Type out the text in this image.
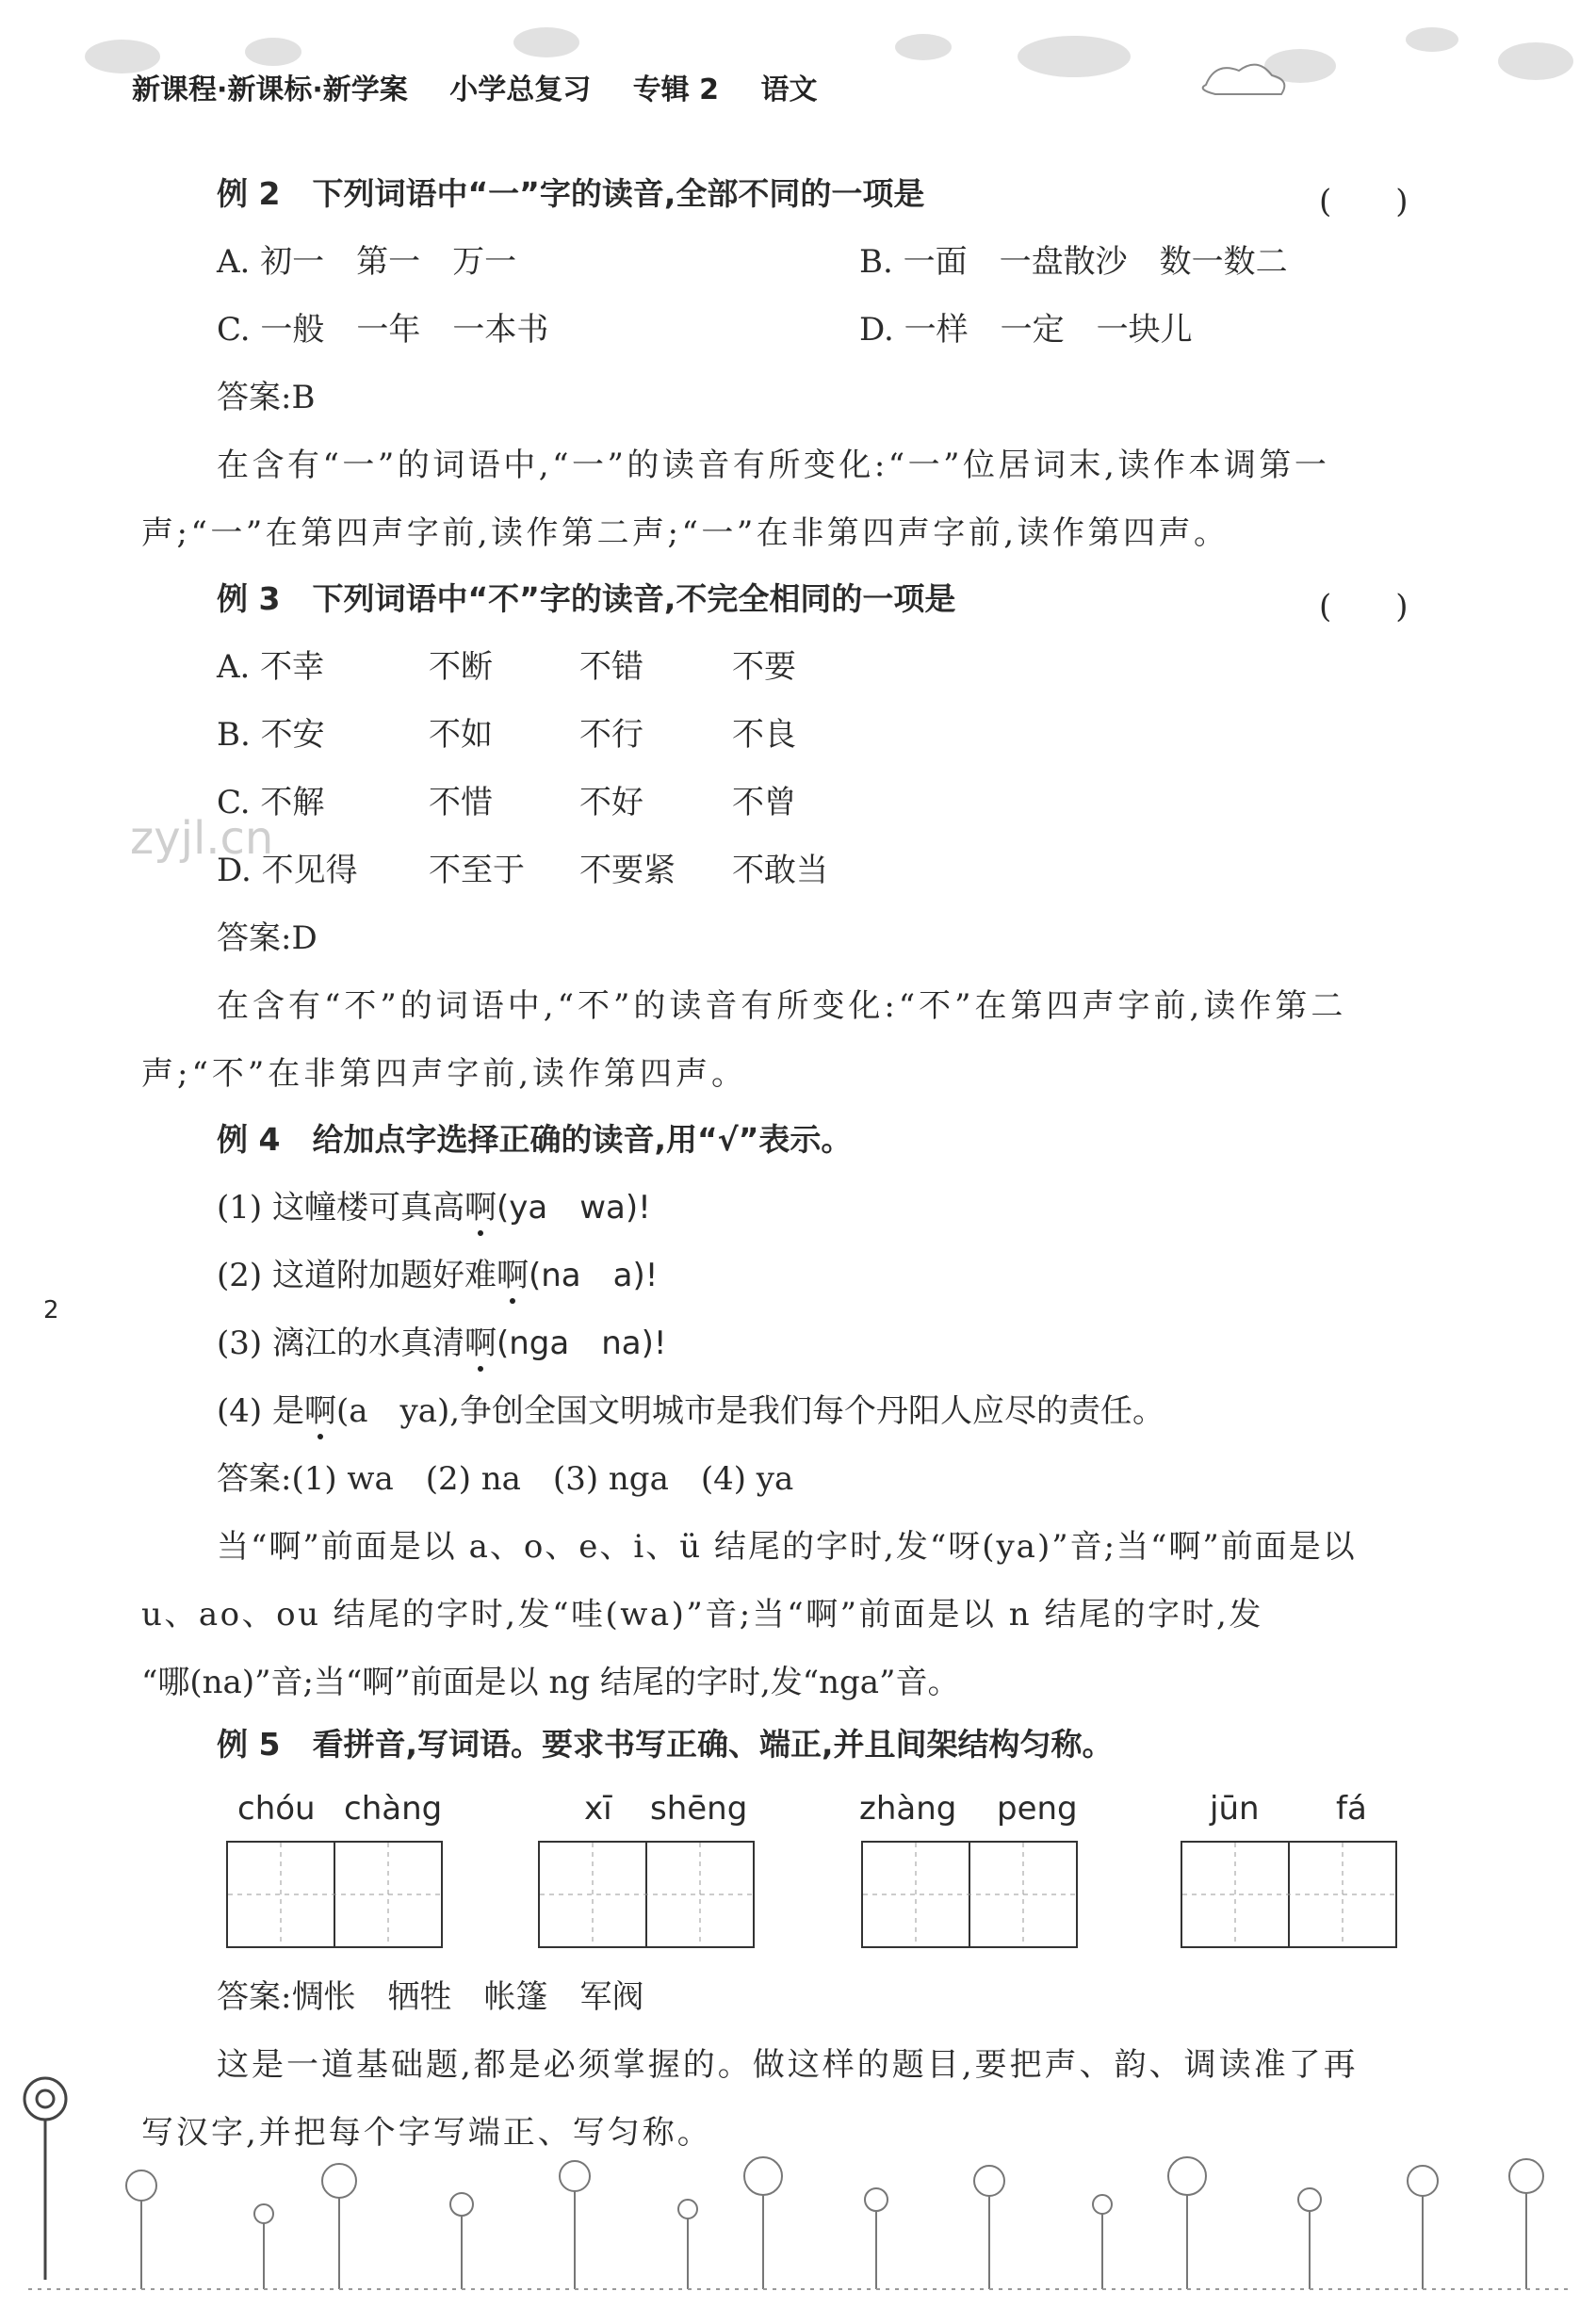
新课程·新课标·新学案 小学总复习 专辑 2 语文
例 2 下列词语中“一”字的读音,全部不同的一项是	(　　)
A. 初一　第一　万一	B. 一面　一盘散沙　数一数二
C. 一般　一年　一本书	D. 一样　一定　一块儿
答案:B
在含有“一”的词语中,“一”的读音有所变化:“一”位居词末,读作本调第一
声;“一”在第四声字前,读作第二声;“一”在非第四声字前,读作第四声。
例 3 下列词语中“不”字的读音,不完全相同的一项是	(　　)
A. 不幸	不断	不错	不要
B. 不安	不如	不行	不良
C. 不解	不惜	不好	不曾
zyjl.cn
D. 不见得 不至于 不要紧 不敢当
答案:D
在含有“不”的词语中,“不”的读音有所变化:“不”在第四声字前,读作第二
声;“不”在非第四声字前,读作第四声。
例 4 给加点字选择正确的读音,用“√”表示。
(1) 这幢楼可真高啊(ya　wa)!
(2) 这道附加题好难啊(na　a)!
(3) 漓江的水真清啊(nga　na)!
(4) 是啊(a　ya),争创全国文明城市是我们每个丹阳人应尽的责任。
答案:(1) wa　(2) na　(3) nga　(4) ya
当“啊”前面是以 a、o、e、i、ü 结尾的字时,发“呀(ya)”音;当“啊”前面是以
u、ao、ou 结尾的字时,发“哇(wa)”音;当“啊”前面是以 n 结尾的字时,发
“哪(na)”音;当“啊”前面是以 ng 结尾的字时,发“nga”音。
例 5 看拼音,写词语。要求书写正确、端正,并且间架结构匀称。
chóu chàng	xī shēng	zhàng peng	jūn fá
答案:惆怅　牺牲　帐篷　军阀
这是一道基础题,都是必须掌握的。做这样的题目,要把声、韵、调读准了再
写汉字,并把每个字写端正、写匀称。
2
